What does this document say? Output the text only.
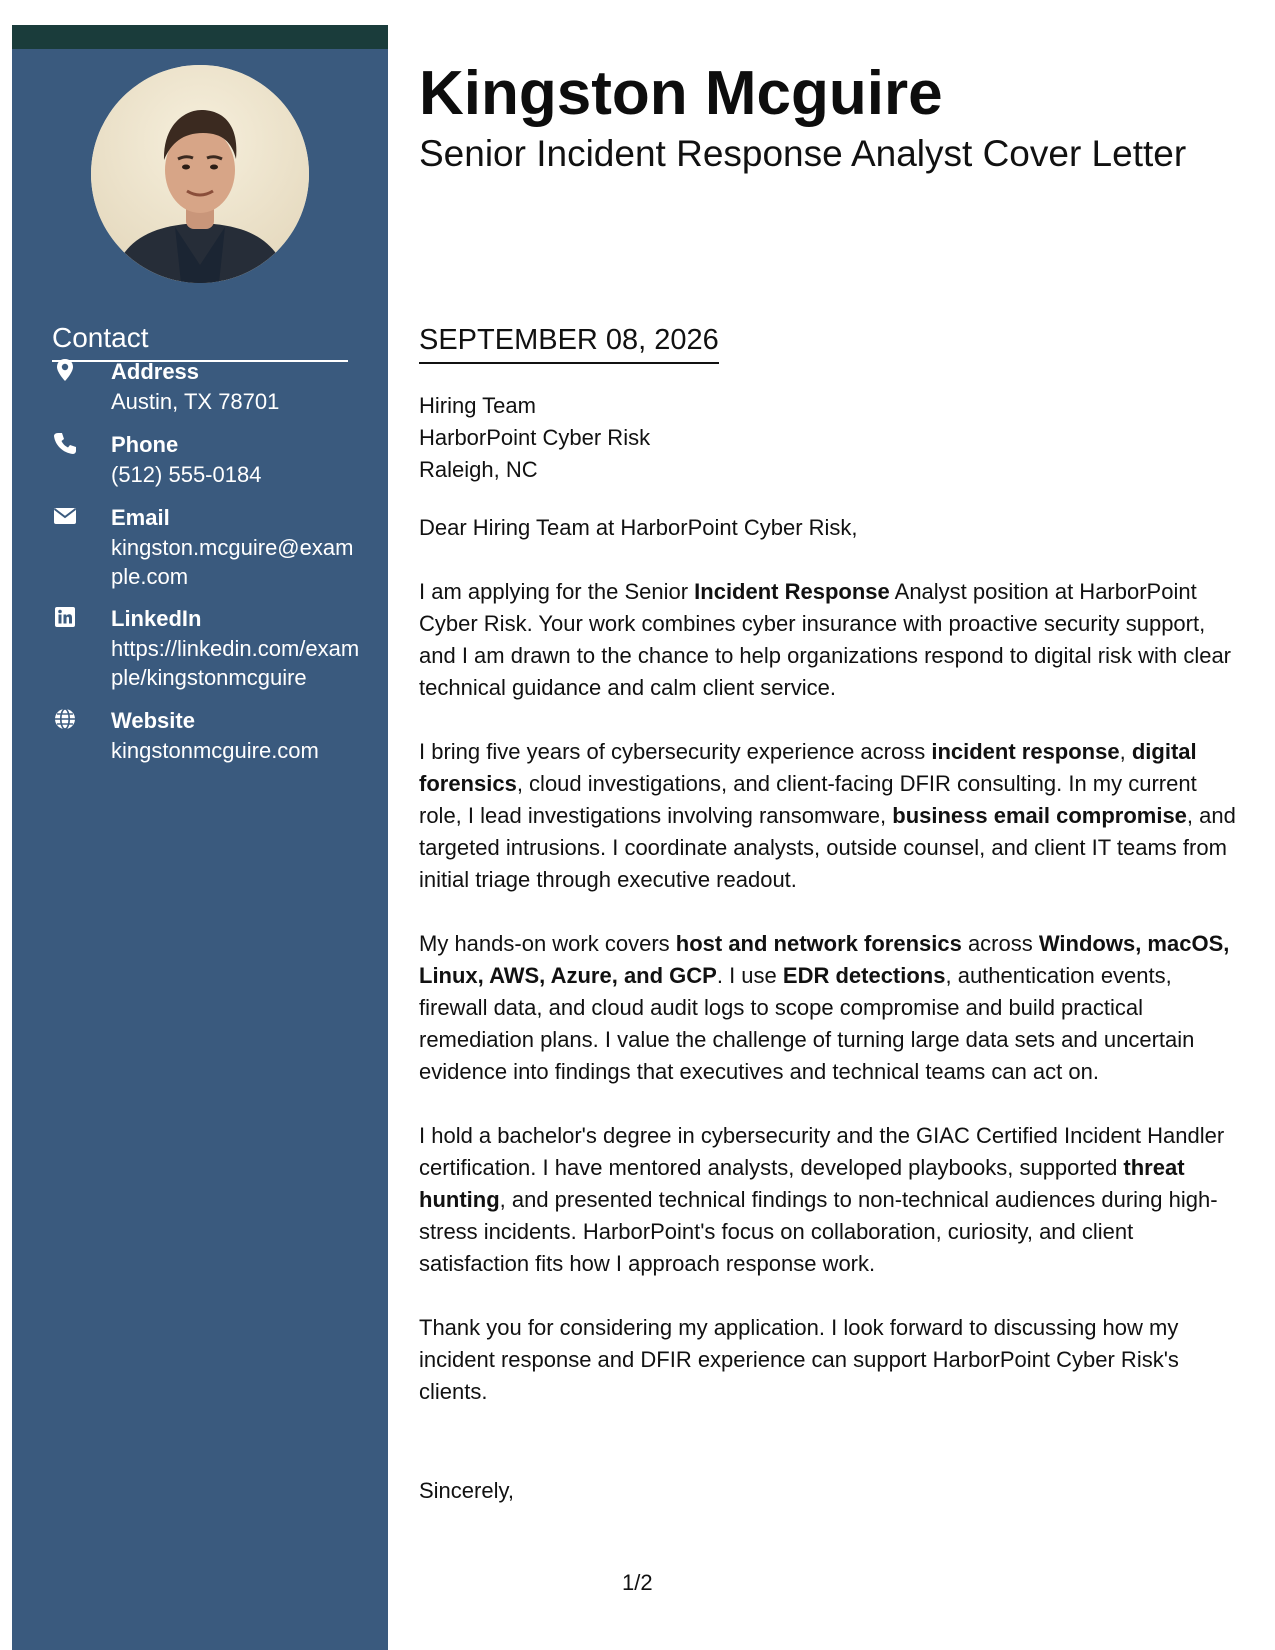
Contact
Address
Austin, TX 78701
Phone
(512) 555-0184
Email
kingston.mcguire@example.com
LinkedIn
https://linkedin.com/example/kingstonmcguire
Website
kingstonmcguire.com
Kingston Mcguire
Senior Incident Response Analyst Cover Letter
SEPTEMBER 08, 2026
Hiring Team
HarborPoint Cyber Risk
Raleigh, NC
Dear Hiring Team at HarborPoint Cyber Risk,

I am applying for the Senior Incident Response Analyst position at HarborPoint Cyber Risk. Your work combines cyber insurance with proactive security support, and I am drawn to the chance to help organizations respond to digital risk with clear technical guidance and calm client service.

I bring five years of cybersecurity experience across incident response, digital forensics, cloud investigations, and client-facing DFIR consulting. In my current role, I lead investigations involving ransomware, business email compromise, and targeted intrusions. I coordinate analysts, outside counsel, and client IT teams from initial triage through executive readout.

My hands-on work covers host and network forensics across Windows, macOS, Linux, AWS, Azure, and GCP. I use EDR detections, authentication events, firewall data, and cloud audit logs to scope compromise and build practical remediation plans. I value the challenge of turning large data sets and uncertain evidence into findings that executives and technical teams can act on.

I hold a bachelor's degree in cybersecurity and the GIAC Certified Incident Handler certification. I have mentored analysts, developed playbooks, supported threat hunting, and presented technical findings to non-technical audiences during high-stress incidents. HarborPoint's focus on collaboration, curiosity, and client satisfaction fits how I approach response work.

Thank you for considering my application. I look forward to discussing how my incident response and DFIR experience can support HarborPoint Cyber Risk's clients.

Sincerely,
1/2
